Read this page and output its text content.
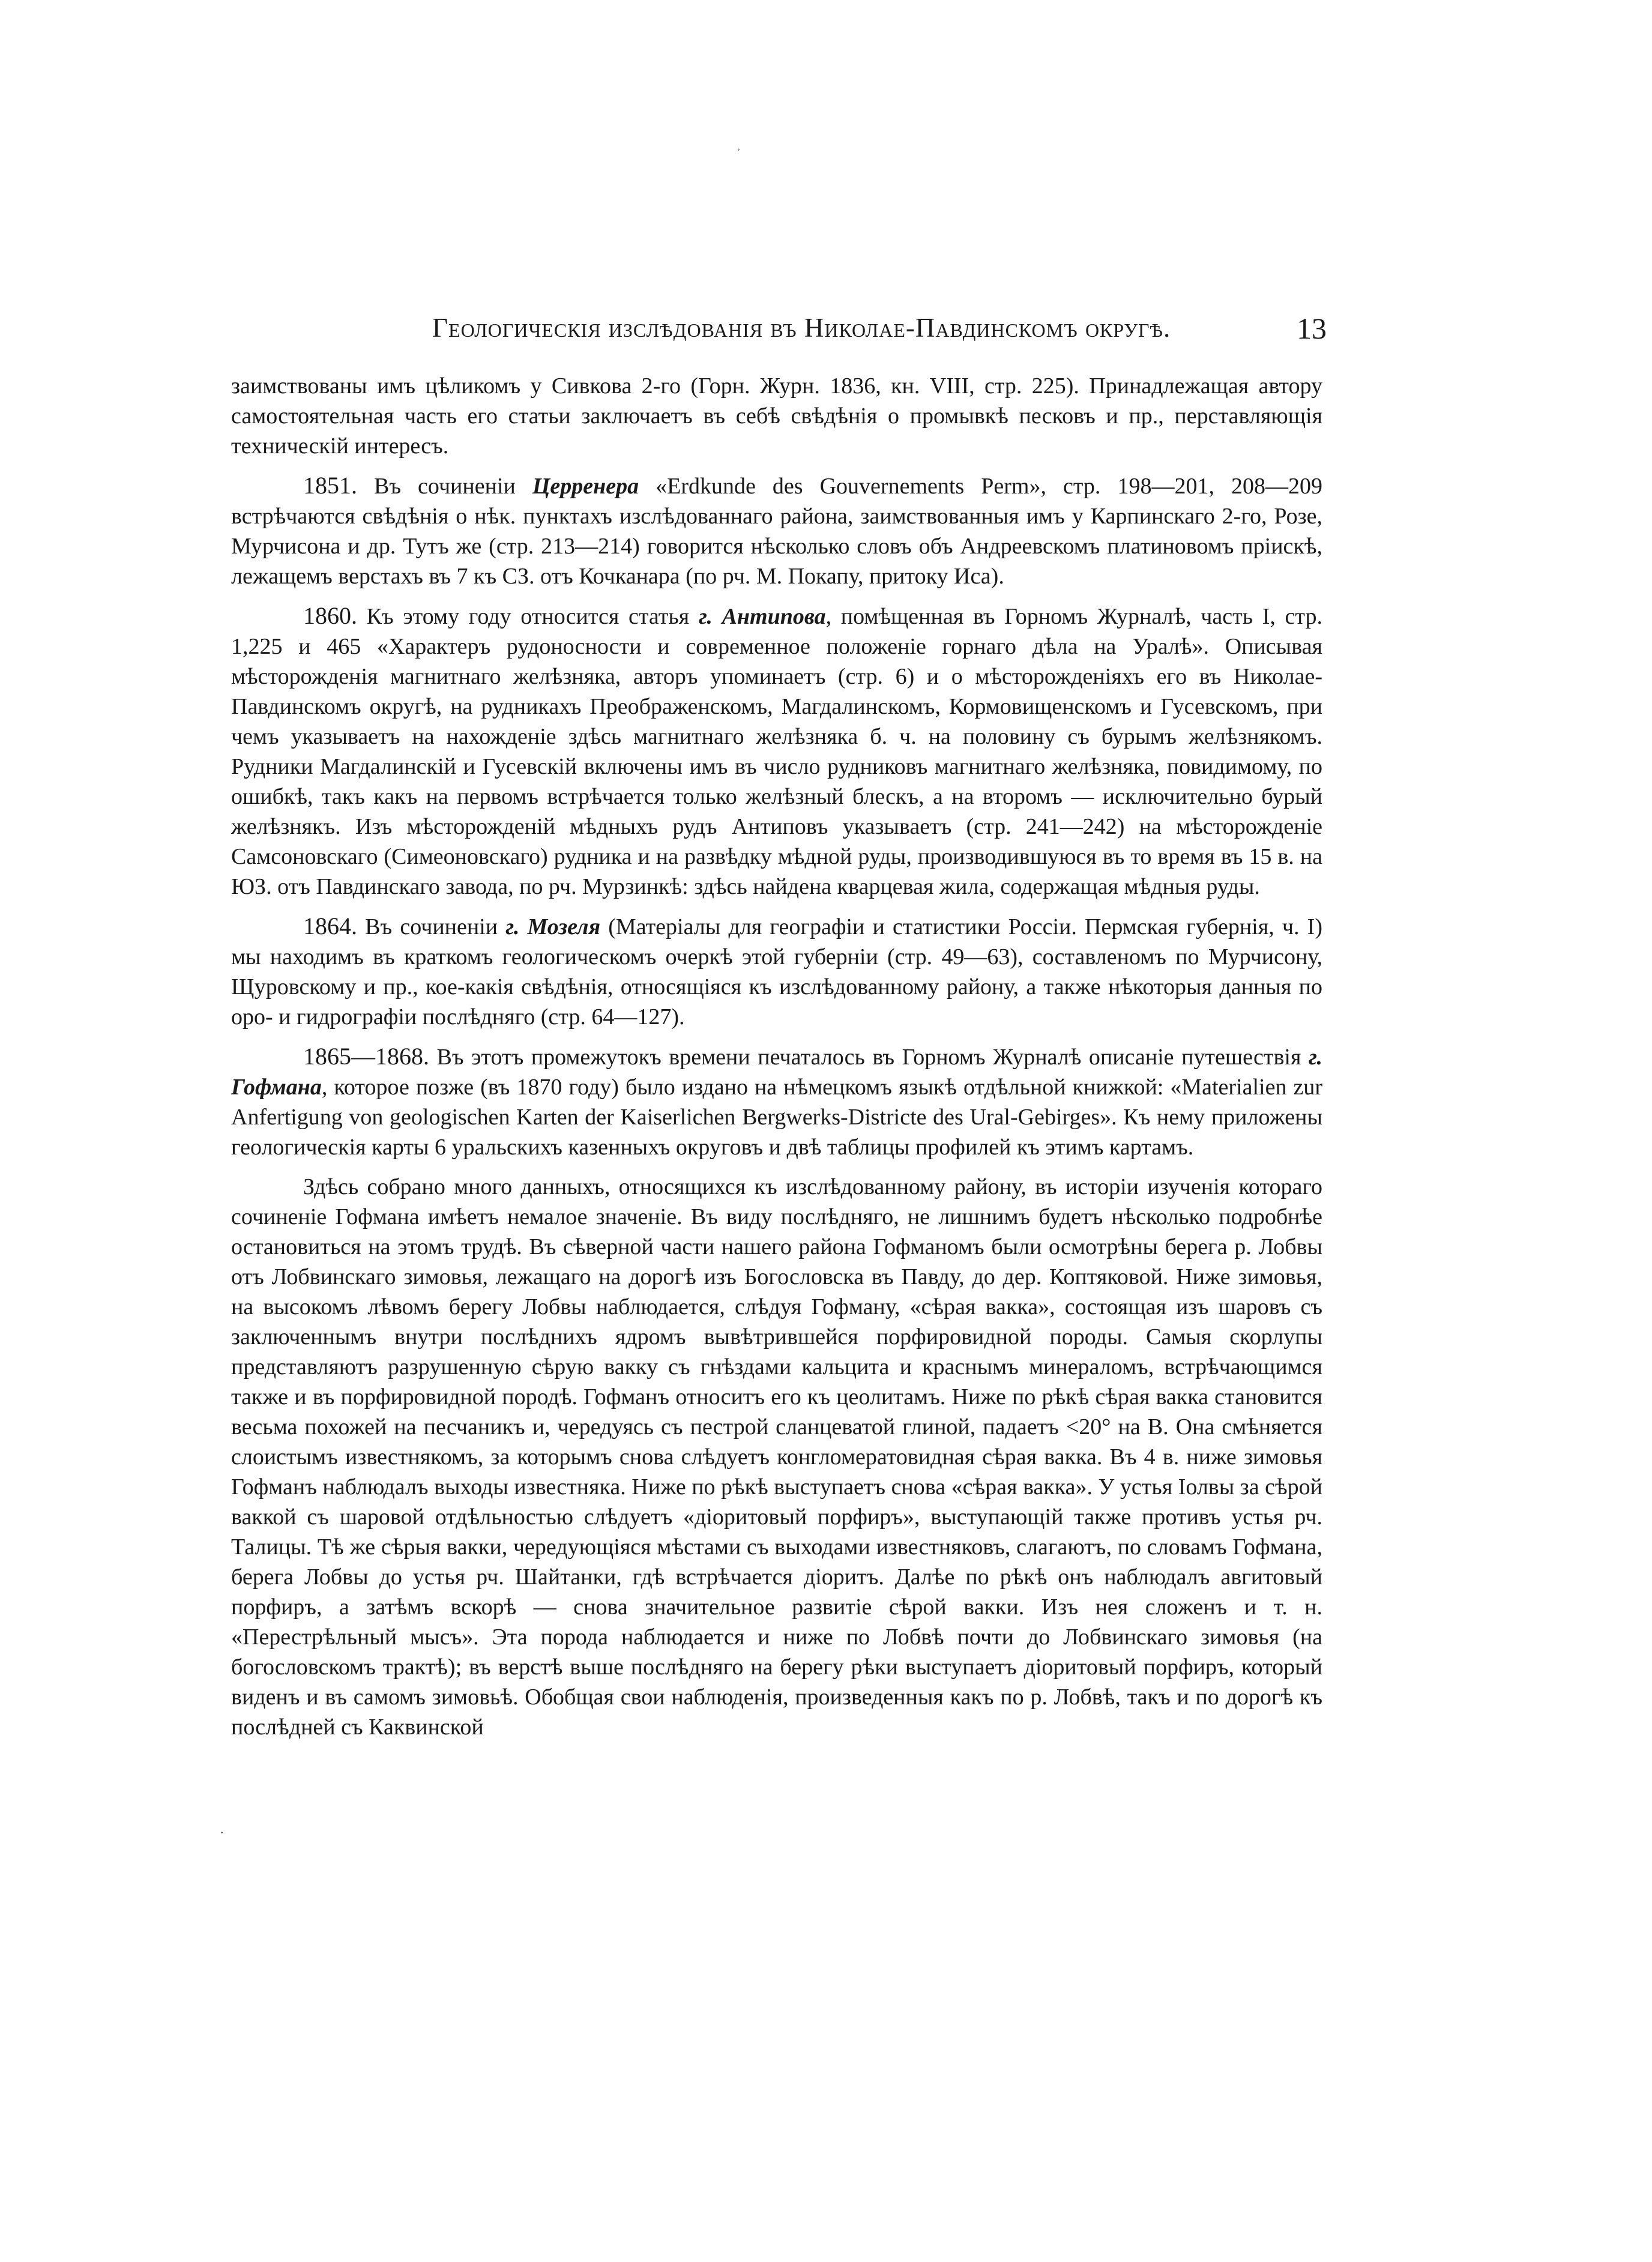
’
Геологическія изслѣдованія въ Николае-Павдинскомъ округѣ.	13
·

заимствованы имъ цѣликомъ у Сивкова 2-го (Горн. Журн. 1836, кн. VIII, стр. 225). Принадлежащая автору самостоятельная часть его статьи заключаетъ въ себѣ свѣдѣнія о промывкѣ песковъ и пр., перставляющія техническій интересъ.

1851. Въ сочиненіи Церренера «Erdkunde des Gouvernements Perm», стр. 198—201, 208—209 встрѣчаются свѣдѣнія о нѣк. пунктахъ изслѣдованнаго района, заимствованныя имъ у Карпинскаго 2-го, Розе, Мурчисона и др. Тутъ же (стр. 213—214) говорится нѣсколько словъ объ Андреевскомъ платиновомъ пріискѣ, лежащемъ верстахъ въ 7 къ СЗ. отъ Кочканара (по рч. М. Покапу, притоку Иса).

1860. Къ этому году относится статья г. Антипова, помѣщенная въ Горномъ Журналѣ, часть I, стр. 1,225 и 465 «Характеръ рудоносности и современное положеніе горнаго дѣла на Уралѣ». Описывая мѣсторожденія магнитнаго желѣзняка, авторъ упоминаетъ (стр. 6) и о мѣсторожденіяхъ его въ Николае-Павдинскомъ округѣ, на рудникахъ Преображенскомъ, Магдалинскомъ, Кормовищенскомъ и Гусевскомъ, при чемъ указываетъ на нахожденіе здѣсь магнитнаго желѣзняка б. ч. на половину съ бурымъ желѣзнякомъ. Рудники Магдалинскій и Гусевскій включены имъ въ число рудниковъ магнитнаго желѣзняка, повидимому, по ошибкѣ, такъ какъ на первомъ встрѣчается только желѣзный блескъ, а на второмъ — исключительно бурый желѣзнякъ. Изъ мѣсторожденій мѣдныхъ рудъ Антиповъ указываетъ (стр. 241—242) на мѣсторожденіе Самсоновскаго (Симеоновскаго) рудника и на развѣдку мѣдной руды, производившуюся въ то время въ 15 в. на ЮЗ. отъ Павдинскаго завода, по рч. Мурзинкѣ: здѣсь найдена кварцевая жила, содержащая мѣдныя руды.

1864. Въ сочиненіи г. Мозеля (Матеріалы для географіи и статистики Россіи. Пермская губернія, ч. I) мы находимъ въ краткомъ геологическомъ очеркѣ этой губерніи (стр. 49—63), составленомъ по Мурчисону, Щуровскому и пр., кое-какія свѣдѣнія, относящіяся къ изслѣдованному району, а также нѣкоторыя данныя по оро- и гидрографіи послѣдняго (стр. 64—127).

1865—1868. Въ этотъ промежутокъ времени печаталось въ Горномъ Журналѣ описаніе путешествія г. Гофмана, которое позже (въ 1870 году) было издано на нѣмецкомъ языкѣ отдѣльной книжкой: «Materialien zur Anfertigung von geologischen Karten der Kaiserlichen Bergwerks-Districte des Ural-Gebirges». Къ нему приложены геологическія карты 6 уральскихъ казенныхъ округовъ и двѣ таблицы профилей къ этимъ картамъ.

Здѣсь собрано много данныхъ, относящихся къ изслѣдованному району, въ исторіи изученія котораго сочиненіе Гофмана имѣетъ немалое значеніе. Въ виду послѣдняго, не лишнимъ будетъ нѣсколько подробнѣе остановиться на этомъ трудѣ. Въ сѣверной части нашего района Гофманомъ были осмотрѣны берега р. Лобвы отъ Лобвинскаго зимовья, лежащаго на дорогѣ изъ Богословска въ Павду, до дер. Коптяковой. Ниже зимовья, на высокомъ лѣвомъ берегу Лобвы наблюдается, слѣдуя Гофману, «сѣрая вакка», состоящая изъ шаровъ съ заключеннымъ внутри послѣднихъ ядромъ вывѣтрившейся порфировидной породы. Самыя скорлупы представляютъ разрушенную сѣрую вакку съ гнѣздами кальцита и краснымъ минераломъ, встрѣчающимся также и въ порфировидной породѣ. Гофманъ относитъ его къ цеолитамъ. Ниже по рѣкѣ сѣрая вакка становится весьма похожей на песчаникъ и, чередуясь съ пестрой сланцеватой глиной, падаетъ <20° на В. Она смѣняется слоистымъ известнякомъ, за которымъ снова слѣдуетъ конгломератовидная сѣрая вакка. Въ 4 в. ниже зимовья Гофманъ наблюдалъ выходы известняка. Ниже по рѣкѣ выступаетъ снова «сѣрая вакка». У устья Іолвы за сѣрой ваккой съ шаровой отдѣльностью слѣдуетъ «діоритовый порфиръ», выступающій также противъ устья рч. Талицы. Тѣ же сѣрыя вакки, чередующіяся мѣстами съ выходами известняковъ, слагаютъ, по словамъ Гофмана, берега Лобвы до устья рч. Шайтанки, гдѣ встрѣчается діоритъ. Далѣе по рѣкѣ онъ наблюдалъ авгитовый порфиръ, а затѣмъ вскорѣ — снова значительное развитіе сѣрой вакки. Изъ нея сложенъ и т. н. «Перестрѣльный мысъ». Эта порода наблюдается и ниже по Лобвѣ почти до Лобвинскаго зимовья (на богословскомъ трактѣ); въ верстѣ выше послѣдняго на берегу рѣки выступаетъ діоритовый порфиръ, который виденъ и въ самомъ зимовьѣ. Обобщая свои наблюденія, произведенныя какъ по р. Лобвѣ, такъ и по дорогѣ къ послѣдней съ Каквинской
